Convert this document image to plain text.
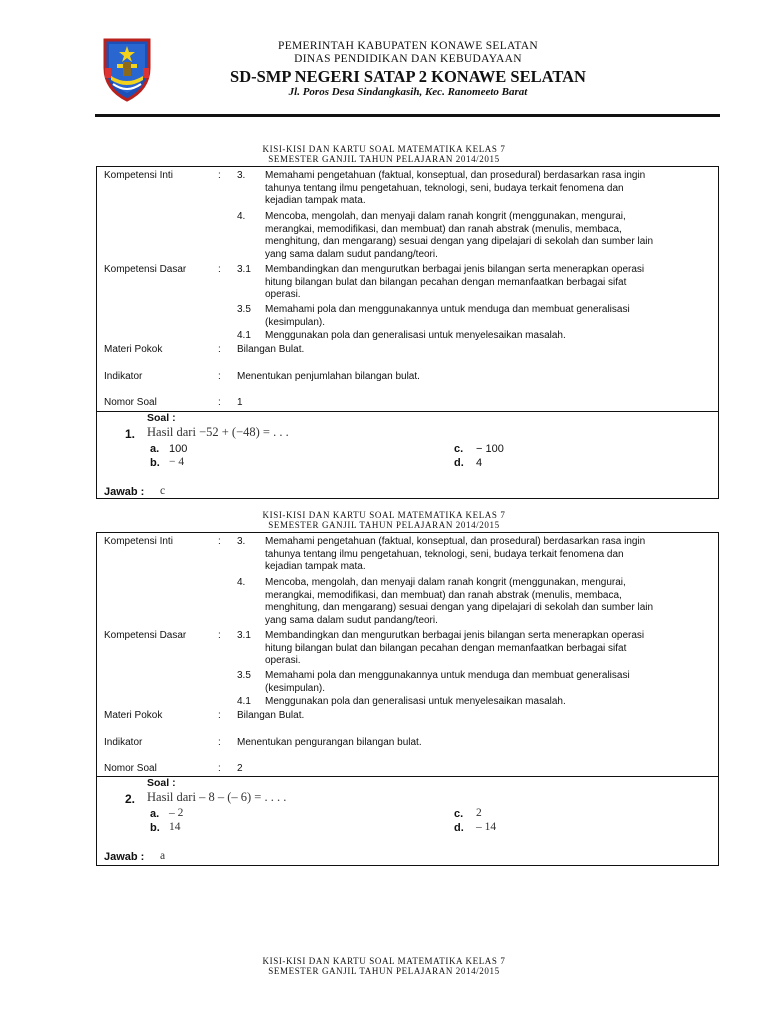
PEMERINTAH KABUPATEN KONAWE SELATAN
DINAS PENDIDIKAN DAN KEBUDAYAAN
SD-SMP NEGERI SATAP 2 KONAWE SELATAN
Jl. Poros Desa Sindangkasih, Kec. Ranomeeto Barat
KISI-KISI DAN KARTU SOAL MATEMATIKA KELAS 7
SEMESTER GANJIL TAHUN PELAJARAN 2014/2015
Kompetensi Inti	: 3. Memahami pengetahuan (faktual, konseptual, dan prosedural) berdasarkan rasa ingin
tahunya tentang ilmu pengetahuan, teknologi, seni, budaya terkait fenomena dan
kejadian tampak mata.
4. Mencoba, mengolah, dan menyaji dalam ranah kongrit (menggunakan, mengurai,
merangkai, memodifikasi, dan membuat) dan ranah abstrak (menulis, membaca,
menghitung, dan mengarang) sesuai dengan yang dipelajari di sekolah dan sumber lain
yang sama dalam sudut pandang/teori.
Kompetensi Dasar	: 3.1 Membandingkan dan mengurutkan berbagai jenis bilangan serta menerapkan operasi
hitung bilangan bulat dan bilangan pecahan dengan memanfaatkan berbagai sifat
operasi.
3.5 Memahami pola dan menggunakannya untuk menduga dan membuat generalisasi
(kesimpulan).
4.1 Menggunakan pola dan generalisasi untuk menyelesaikan masalah.
Materi Pokok	: Bilangan Bulat.
Indikator	: Menentukan penjumlahan bilangan bulat.
Nomor Soal	: 1
Soal :
1. Hasil dari −52 + (−48) = . . .
a. 100
b. − 4
c. − 100
d. 4
Jawab : c
KISI-KISI DAN KARTU SOAL MATEMATIKA KELAS 7
SEMESTER GANJIL TAHUN PELAJARAN 2014/2015
Kompetensi Inti	: 3. Memahami pengetahuan (faktual, konseptual, dan prosedural) berdasarkan rasa ingin
tahunya tentang ilmu pengetahuan, teknologi, seni, budaya terkait fenomena dan
kejadian tampak mata.
4. Mencoba, mengolah, dan menyaji dalam ranah kongrit (menggunakan, mengurai,
merangkai, memodifikasi, dan membuat) dan ranah abstrak (menulis, membaca,
menghitung, dan mengarang) sesuai dengan yang dipelajari di sekolah dan sumber lain
yang sama dalam sudut pandang/teori.
Kompetensi Dasar	: 3.1 Membandingkan dan mengurutkan berbagai jenis bilangan serta menerapkan operasi
hitung bilangan bulat dan bilangan pecahan dengan memanfaatkan berbagai sifat
operasi.
3.5 Memahami pola dan menggunakannya untuk menduga dan membuat generalisasi
(kesimpulan).
4.1 Menggunakan pola dan generalisasi untuk menyelesaikan masalah.
Materi Pokok	: Bilangan Bulat.
Indikator	: Menentukan pengurangan bilangan bulat.
Nomor Soal	: 2
Soal :
2. Hasil dari – 8 – (– 6) = . . . .
a. – 2
b. 14
c. 2
d. – 14
Jawab : a
KISI-KISI DAN KARTU SOAL MATEMATIKA KELAS 7
SEMESTER GANJIL TAHUN PELAJARAN 2014/2015
